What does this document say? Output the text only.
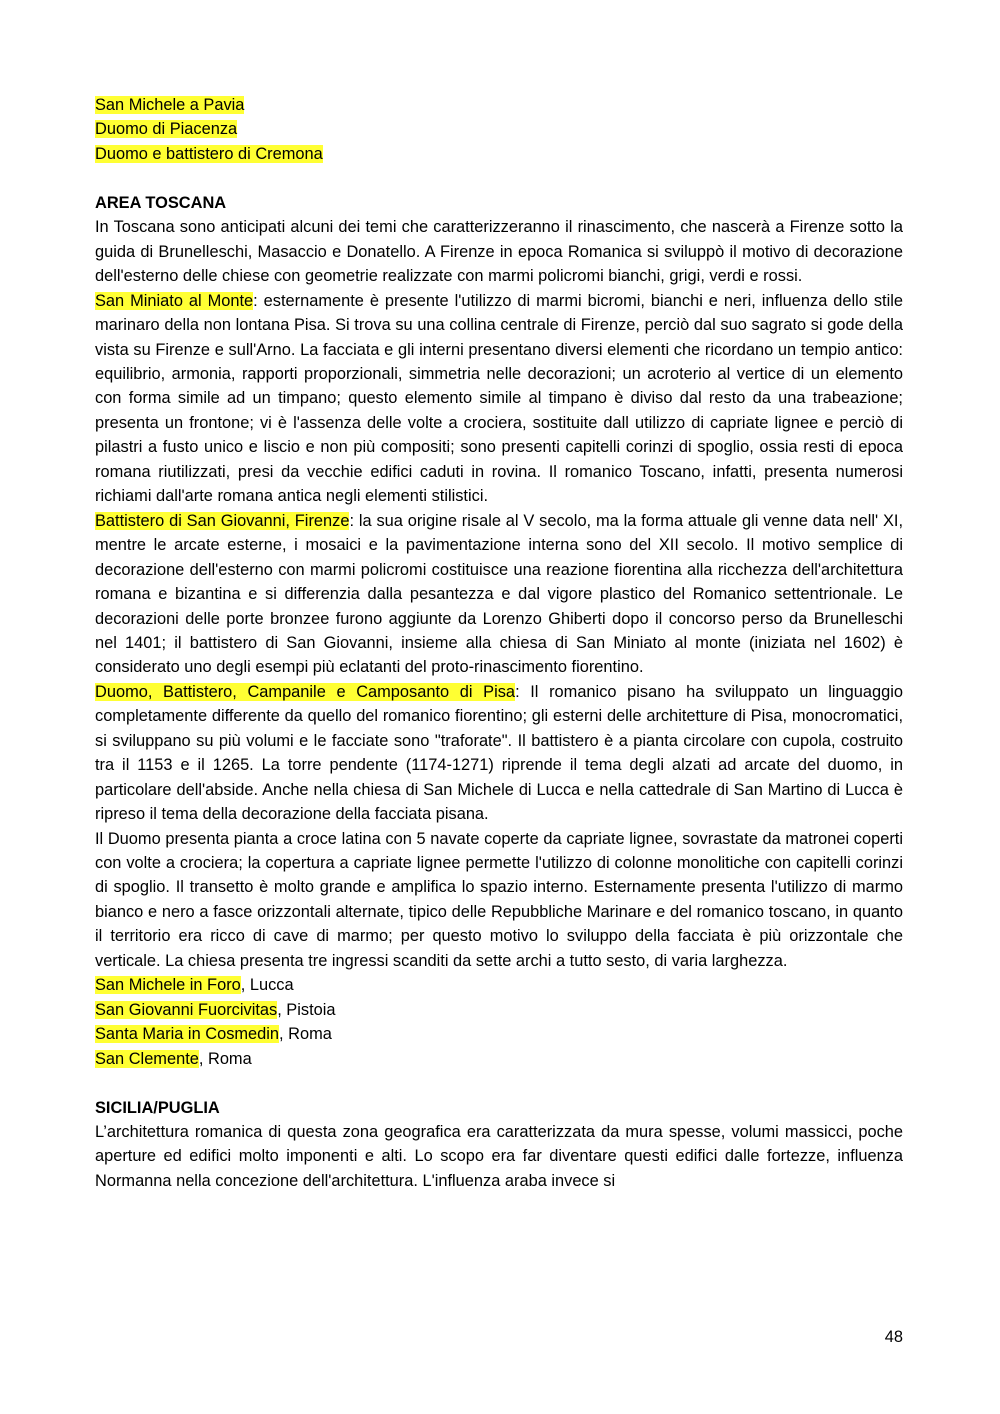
San Michele a Pavia
Duomo di Piacenza
Duomo e battistero di Cremona
AREA TOSCANA

In Toscana sono anticipati alcuni dei temi che caratterizzeranno il rinascimento, che nascerà a Firenze sotto la guida di Brunelleschi, Masaccio e Donatello. A Firenze in epoca Romanica si sviluppò il motivo di decorazione dell'esterno delle chiese con geometrie realizzate con marmi policromi bianchi, grigi, verdi e rossi.

San Miniato al Monte: esternamente è presente l'utilizzo di marmi bicromi, bianchi e neri, influenza dello stile marinaro della non lontana Pisa. Si trova su una collina centrale di Firenze, perciò dal suo sagrato si gode della vista su Firenze e sull'Arno. La facciata e gli interni presentano diversi elementi che ricordano un tempio antico: equilibrio, armonia, rapporti proporzionali, simmetria nelle decorazioni; un acroterio al vertice di un elemento con forma simile ad un timpano; questo elemento simile al timpano è diviso dal resto da una trabeazione; presenta un frontone; vi è l'assenza delle volte a crociera, sostituite dall utilizzo di capriate lignee e perciò di pilastri a fusto unico e liscio e non più compositi; sono presenti capitelli corinzi di spoglio, ossia resti di epoca romana riutilizzati, presi da vecchie edifici caduti in rovina. Il romanico Toscano, infatti, presenta numerosi richiami dall'arte romana antica negli elementi stilistici.

Battistero di San Giovanni, Firenze: la sua origine risale al V secolo, ma la forma attuale gli venne data nell' XI, mentre le arcate esterne, i mosaici e la pavimentazione interna sono del XII secolo. Il motivo semplice di decorazione dell'esterno con marmi policromi costituisce una reazione fiorentina alla ricchezza dell'architettura romana e bizantina e si differenzia dalla pesantezza e dal vigore plastico del Romanico settentrionale. Le decorazioni delle porte bronzee furono aggiunte da Lorenzo Ghiberti dopo il concorso perso da Brunelleschi nel 1401; il battistero di San Giovanni, insieme alla chiesa di San Miniato al monte (iniziata nel 1602) è considerato uno degli esempi più eclatanti del proto-rinascimento fiorentino.

Duomo, Battistero, Campanile e Camposanto di Pisa: Il romanico pisano ha sviluppato un linguaggio completamente differente da quello del romanico fiorentino; gli esterni delle architetture di Pisa, monocromatici, si sviluppano su più volumi e le facciate sono "traforate". Il battistero è a pianta circolare con cupola, costruito tra il 1153 e il 1265. La torre pendente (1174-1271) riprende il tema degli alzati ad arcate del duomo, in particolare dell'abside. Anche nella chiesa di San Michele di Lucca e nella cattedrale di San Martino di Lucca è ripreso il tema della decorazione della facciata pisana.

Il Duomo presenta pianta a croce latina con 5 navate coperte da capriate lignee, sovrastate da matronei coperti con volte a crociera; la copertura a capriate lignee permette l'utilizzo di colonne monolitiche con capitelli corinzi di spoglio. Il transetto è molto grande e amplifica lo spazio interno. Esternamente presenta l'utilizzo di marmo bianco e nero a fasce orizzontali alternate, tipico delle Repubbliche Marinare e del romanico toscano, in quanto il territorio era ricco di cave di marmo; per questo motivo lo sviluppo della facciata è più orizzontale che verticale. La chiesa presenta tre ingressi scanditi da sette archi a tutto sesto, di varia larghezza.

San Michele in Foro, Lucca
San Giovanni Fuorcivitas, Pistoia
Santa Maria in Cosmedin, Roma
San Clemente, Roma
SICILIA/PUGLIA

L’architettura romanica di questa zona geografica era caratterizzata da mura spesse, volumi massicci, poche aperture ed edifici molto imponenti e alti. Lo scopo era far diventare questi edifici dalle fortezze, influenza Normanna nella concezione dell'architettura. L'influenza araba invece si

48
